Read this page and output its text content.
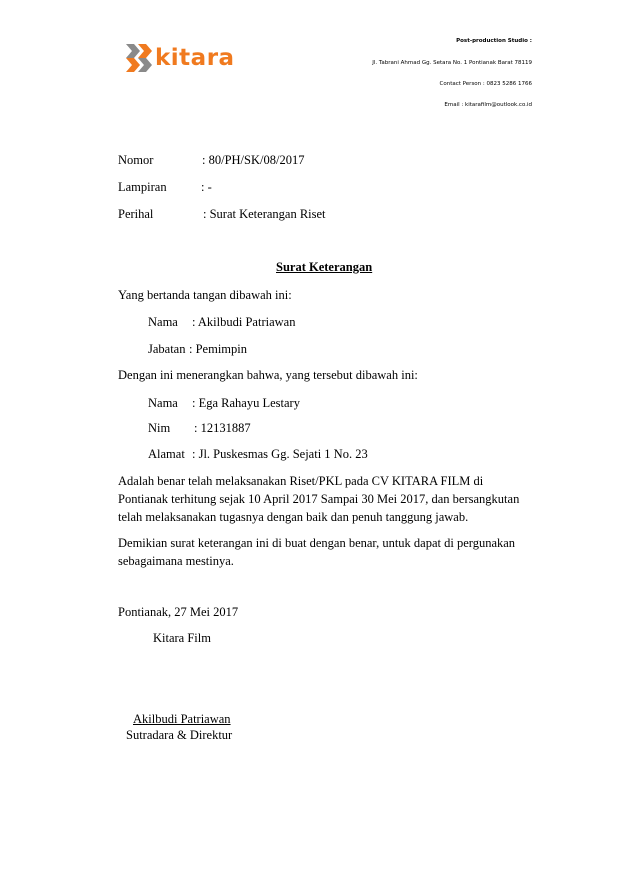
kitara
Post-production Studio :
Jl. Tabrani Ahmad Gg. Setara No. 1 Pontianak Barat 78119
Contact Person : 0823 5286 1766
Email : kitarafilm@outlook.co.id
Nomor	: 80/PH/SK/08/2017
Lampiran	: -
Perihal	: Surat Keterangan Riset
Surat Keterangan
Yang bertanda tangan dibawah ini:
Nama : Akilbudi Patriawan
Jabatan : Pemimpin
Dengan ini menerangkan bahwa, yang tersebut dibawah ini:
Nama : Ega Rahayu Lestary
Nim : 12131887
Alamat : Jl. Puskesmas Gg. Sejati 1 No. 23
Adalah benar telah melaksanakan Riset/PKL pada CV KITARA FILM di
Pontianak terhitung sejak 10 April 2017 Sampai 30 Mei 2017, dan bersangkutan
telah melaksanakan tugasnya dengan baik dan penuh tanggung jawab.
Demikian surat keterangan ini di buat dengan benar, untuk dapat di pergunakan
sebagaimana mestinya.
Pontianak, 27 Mei 2017
Kitara Film
Akilbudi Patriawan
Sutradara & Direktur
